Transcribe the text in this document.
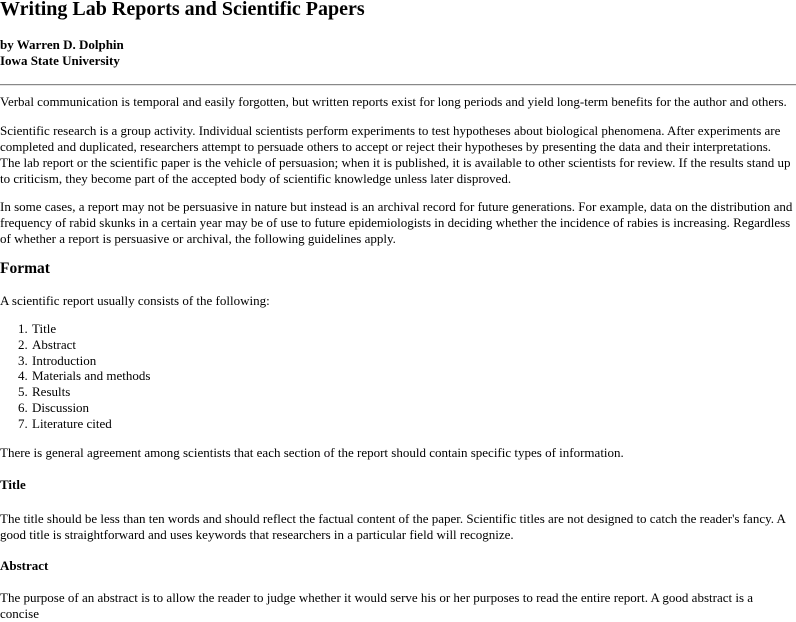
Writing Lab Reports and Scientific Papers
by Warren D. Dolphin
Iowa State University

Verbal communication is temporal and easily forgotten, but written reports exist for long periods and yield long-term benefits for the author and others.

Scientific research is a group activity. Individual scientists perform experiments to test hypotheses about biological phenomena. After experiments are completed and duplicated, researchers attempt to persuade others to accept or reject their hypotheses by presenting the data and their interpretations. The lab report or the scientific paper is the vehicle of persuasion; when it is published, it is available to other scientists for review. If the results stand up to criticism, they become part of the accepted body of scientific knowledge unless later disproved.

In some cases, a report may not be persuasive in nature but instead is an archival record for future generations. For example, data on the distribution and frequency of rabid skunks in a certain year may be of use to future epidemiologists in deciding whether the incidence of rabies is increasing. Regardless of whether a report is persuasive or archival, the following guidelines apply.

Format

A scientific report usually consists of the following:

1. Title
2. Abstract
3. Introduction
4. Materials and methods
5. Results
6. Discussion
7. Literature cited

There is general agreement among scientists that each section of the report should contain specific types of information.

Title

The title should be less than ten words and should reflect the factual content of the paper. Scientific titles are not designed to catch the reader's fancy. A good title is straightforward and uses keywords that researchers in a particular field will recognize.

Abstract

The purpose of an abstract is to allow the reader to judge whether it would serve his or her purposes to read the entire report. A good abstract is a concise
